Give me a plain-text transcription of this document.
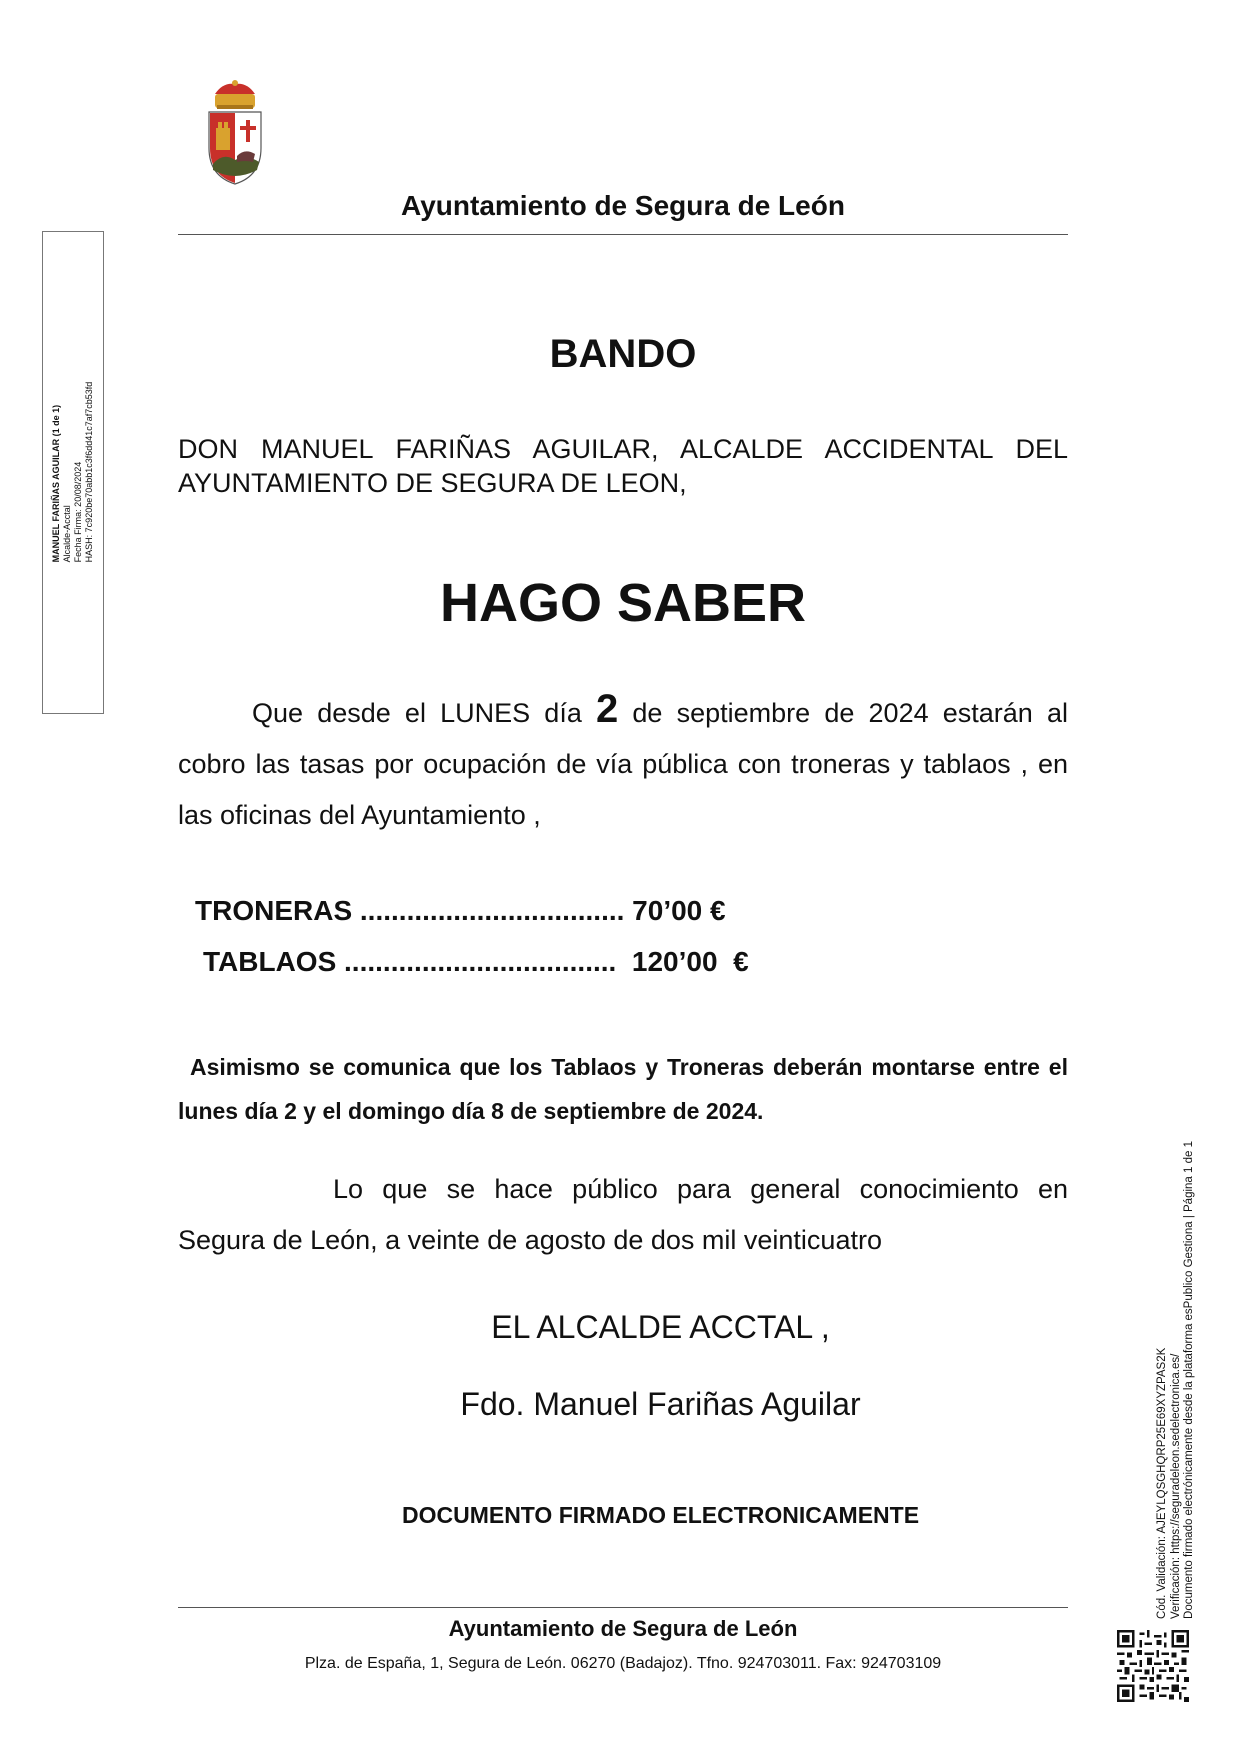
Ayuntamiento de Segura de León
MANUEL FARIÑAS AGUILAR (1 de 1) Alcalde-Acctal Fecha Firma: 20/08/2024 HASH: 7c920be70abb1c3f6dd41c7af7cb53fd
BANDO
DON MANUEL FARIÑAS AGUILAR, ALCALDE ACCIDENTAL DEL AYUNTAMIENTO DE SEGURA DE LEON,
HAGO SABER
Que desde el LUNES día 2 de septiembre de 2024 estarán al cobro las tasas por ocupación de vía pública con troneras y tablaos , en las oficinas del Ayuntamiento ,
TRONERAS .................................. 70’00 €
TABLAOS ...................................  120’00  €
Asimismo se comunica que los Tablaos y Troneras deberán montarse entre el lunes día 2 y el domingo día 8 de septiembre de 2024.
Lo que se hace público para general conocimiento en Segura de León, a veinte de agosto de dos mil veinticuatro
EL ALCALDE ACCTAL ,
Fdo. Manuel Fariñas Aguilar
DOCUMENTO FIRMADO ELECTRONICAMENTE
Ayuntamiento de Segura de León
Plza. de España, 1, Segura de León. 06270 (Badajoz). Tfno. 924703011. Fax: 924703109
Cód. Validación: AJEYLQSGHQRP25E69XYZPAS2K Verificación: https://seguradeleon.sedelectronica.es/ Documento firmado electrónicamente desde la plataforma esPublico Gestiona | Página 1 de 1
